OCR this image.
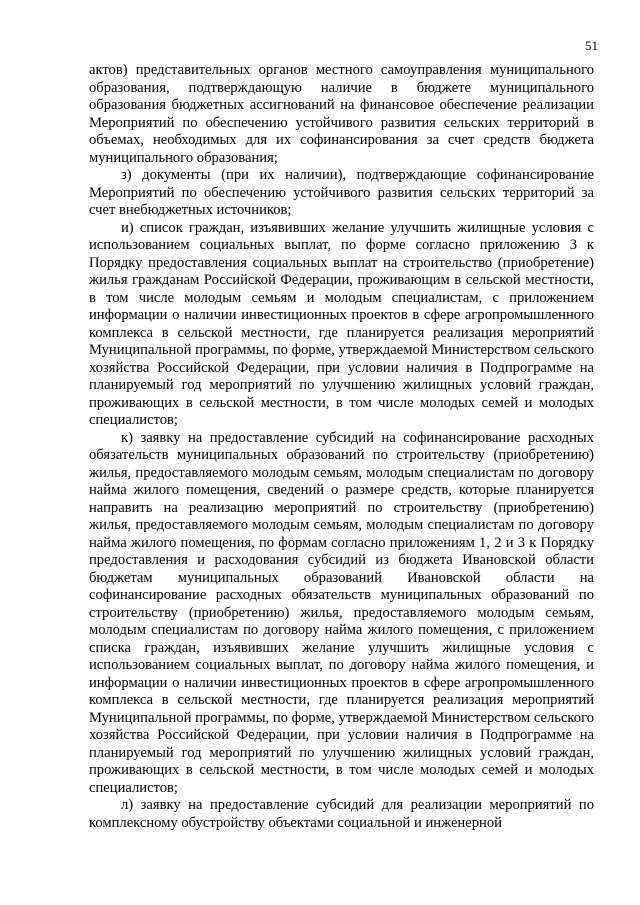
51

актов) представительных органов местного самоуправления муниципального образования, подтверждающую наличие в бюджете муниципального образования бюджетных ассигнований на финансовое обеспечение реализации Мероприятий по обеспечению устойчивого развития сельских территорий в объемах, необходимых для их софинансирования за счет средств бюджета муниципального образования;

з) документы (при их наличии), подтверждающие софинансирование Мероприятий по обеспечению устойчивого развития сельских территорий за счет внебюджетных источников;

и) список граждан, изъявивших желание улучшить жилищные условия с использованием социальных выплат, по форме согласно приложению 3 к Порядку предоставления социальных выплат на строительство (приобретение) жилья гражданам Российской Федерации, проживающим в сельской местности, в том числе молодым семьям и молодым специалистам, с приложением информации о наличии инвестиционных проектов в сфере агропромышленного комплекса в сельской местности, где планируется реализация мероприятий Муниципальной программы, по форме, утверждаемой Министерством сельского хозяйства Российской Федерации, при условии наличия в Подпрограмме на планируемый год мероприятий по улучшению жилищных условий граждан, проживающих в сельской местности, в том числе молодых семей и молодых специалистов;

к) заявку на предоставление субсидий на софинансирование расходных обязательств муниципальных образований по строительству (приобретению) жилья, предоставляемого молодым семьям, молодым специалистам по договору найма жилого помещения, сведений о размере средств, которые планируется направить на реализацию мероприятий по строительству (приобретению) жилья, предоставляемого молодым семьям, молодым специалистам по договору найма жилого помещения, по формам согласно приложениям 1, 2 и 3 к Порядку предоставления и расходования субсидий из бюджета Ивановской области бюджетам муниципальных образований Ивановской области на софинансирование расходных обязательств муниципальных образований по строительству (приобретению) жилья, предоставляемого молодым семьям, молодым специалистам по договору найма жилого помещения, с приложением списка граждан, изъявивших желание улучшить жилищные условия с использованием социальных выплат, по договору найма жилого помещения, и информации о наличии инвестиционных проектов в сфере агропромышленного комплекса в сельской местности, где планируется реализация мероприятий Муниципальной программы, по форме, утверждаемой Министерством сельского хозяйства Российской Федерации, при условии наличия в Подпрограмме на планируемый год мероприятий по улучшению жилищных условий граждан, проживающих в сельской местности, в том числе молодых семей и молодых специалистов;

л) заявку на предоставление субсидий для реализации мероприятий по комплексному обустройству объектами социальной и инженерной
